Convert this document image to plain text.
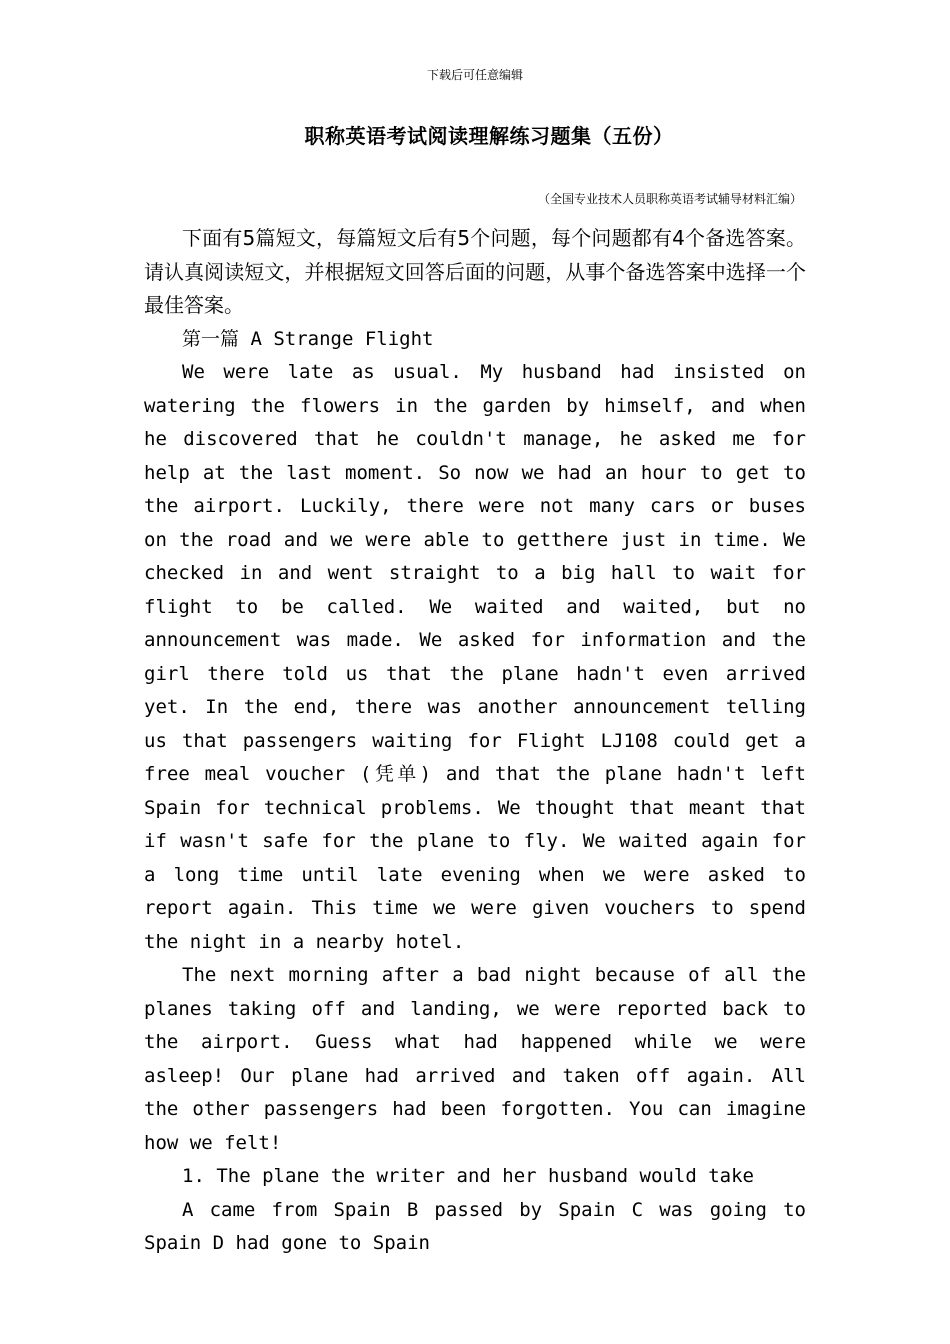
下载后可任意编辑
职称英语考试阅读理解练习题集（五份）
（全国专业技术人员职称英语考试辅导材料汇编）

下面有5篇短文，每篇短文后有5个问题，每个问题都有4个备选答案。请认真阅读短文，并根据短文回答后面的问题，从事个备选答案中选择一个最佳答案。

第一篇 A Strange Flight

We were late as usual. My husband had insisted on watering the flowers in the garden by himself, and when he discovered that he couldn't manage, he asked me for help at the last moment. So now we had an hour to get to the airport. Luckily, there were not many cars or buses on the road and we were able to getthere just in time. We checked in and went straight to a big hall to wait for flight to be called. We waited and waited, but no announcement was made. We asked for information and the girl there told us that the plane hadn't even arrived yet. In the end, there was another announcement telling us that passengers waiting for Flight LJ108 could get a free meal voucher (凭单) and that the plane hadn't left Spain for technical problems. We thought that meant that if wasn't safe for the plane to fly. We waited again for a long time until late evening when we were asked to report again. This time we were given vouchers to spend the night in a nearby hotel.

The next morning after a bad night because of all the planes taking off and landing, we were reported back to the airport. Guess what had happened while we were asleep! Our plane had arrived and taken off again. All the other passengers had been forgotten. You can imagine how we felt!

1. The plane the writer and her husband would take

A came from Spain B passed by Spain C was going to Spain D had gone to Spain
